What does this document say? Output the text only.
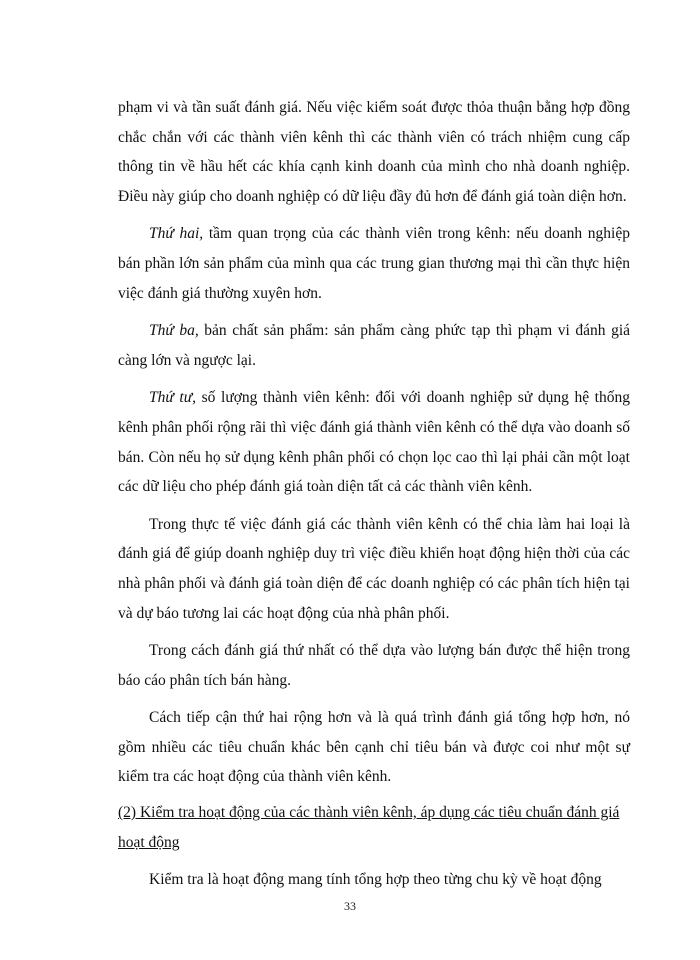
phạm vi và tần suất đánh giá. Nếu việc kiểm soát được thỏa thuận bằng hợp đồng chắc chắn với các thành viên kênh thì các thành viên có trách nhiệm cung cấp thông tin về hầu hết các khía cạnh kinh doanh của mình cho nhà doanh nghiệp. Điều này giúp cho doanh nghiệp có dữ liệu đầy đủ hơn để đánh giá toàn diện hơn.

Thứ hai, tầm quan trọng của các thành viên trong kênh: nếu doanh nghiệp bán phần lớn sản phẩm của mình qua các trung gian thương mại thì cần thực hiện việc đánh giá thường xuyên hơn.

Thứ ba, bản chất sản phẩm: sản phẩm càng phức tạp thì phạm vi đánh giá càng lớn và ngược lại.

Thứ tư, số lượng thành viên kênh: đối với doanh nghiệp sử dụng hệ thống kênh phân phối rộng rãi thì việc đánh giá thành viên kênh có thể dựa vào doanh số bán. Còn nếu họ sử dụng kênh phân phối có chọn lọc cao thì lại phải cần một loạt các dữ liệu cho phép đánh giá toàn diện tất cả các thành viên kênh.

Trong thực tế việc đánh giá các thành viên kênh có thể chia làm hai loại là đánh giá để giúp doanh nghiệp duy trì việc điều khiển hoạt động hiện thời của các nhà phân phối và đánh giá toàn diện để các doanh nghiệp có các phân tích hiện tại và dự báo tương lai các hoạt động của nhà phân phối.

Trong cách đánh giá thứ nhất có thể dựa vào lượng bán được thể hiện trong báo cáo phân tích bán hàng.

Cách tiếp cận thứ hai rộng hơn và là quá trình đánh giá tổng hợp hơn, nó gồm nhiều các tiêu chuẩn khác bên cạnh chỉ tiêu bán và được coi như một sự kiểm tra các hoạt động của thành viên kênh.

(2) Kiểm tra hoạt động của các thành viên kênh, áp dụng các tiêu chuẩn đánh giá hoạt động

Kiểm tra là hoạt động mang tính tổng hợp theo từng chu kỳ về hoạt động

33
